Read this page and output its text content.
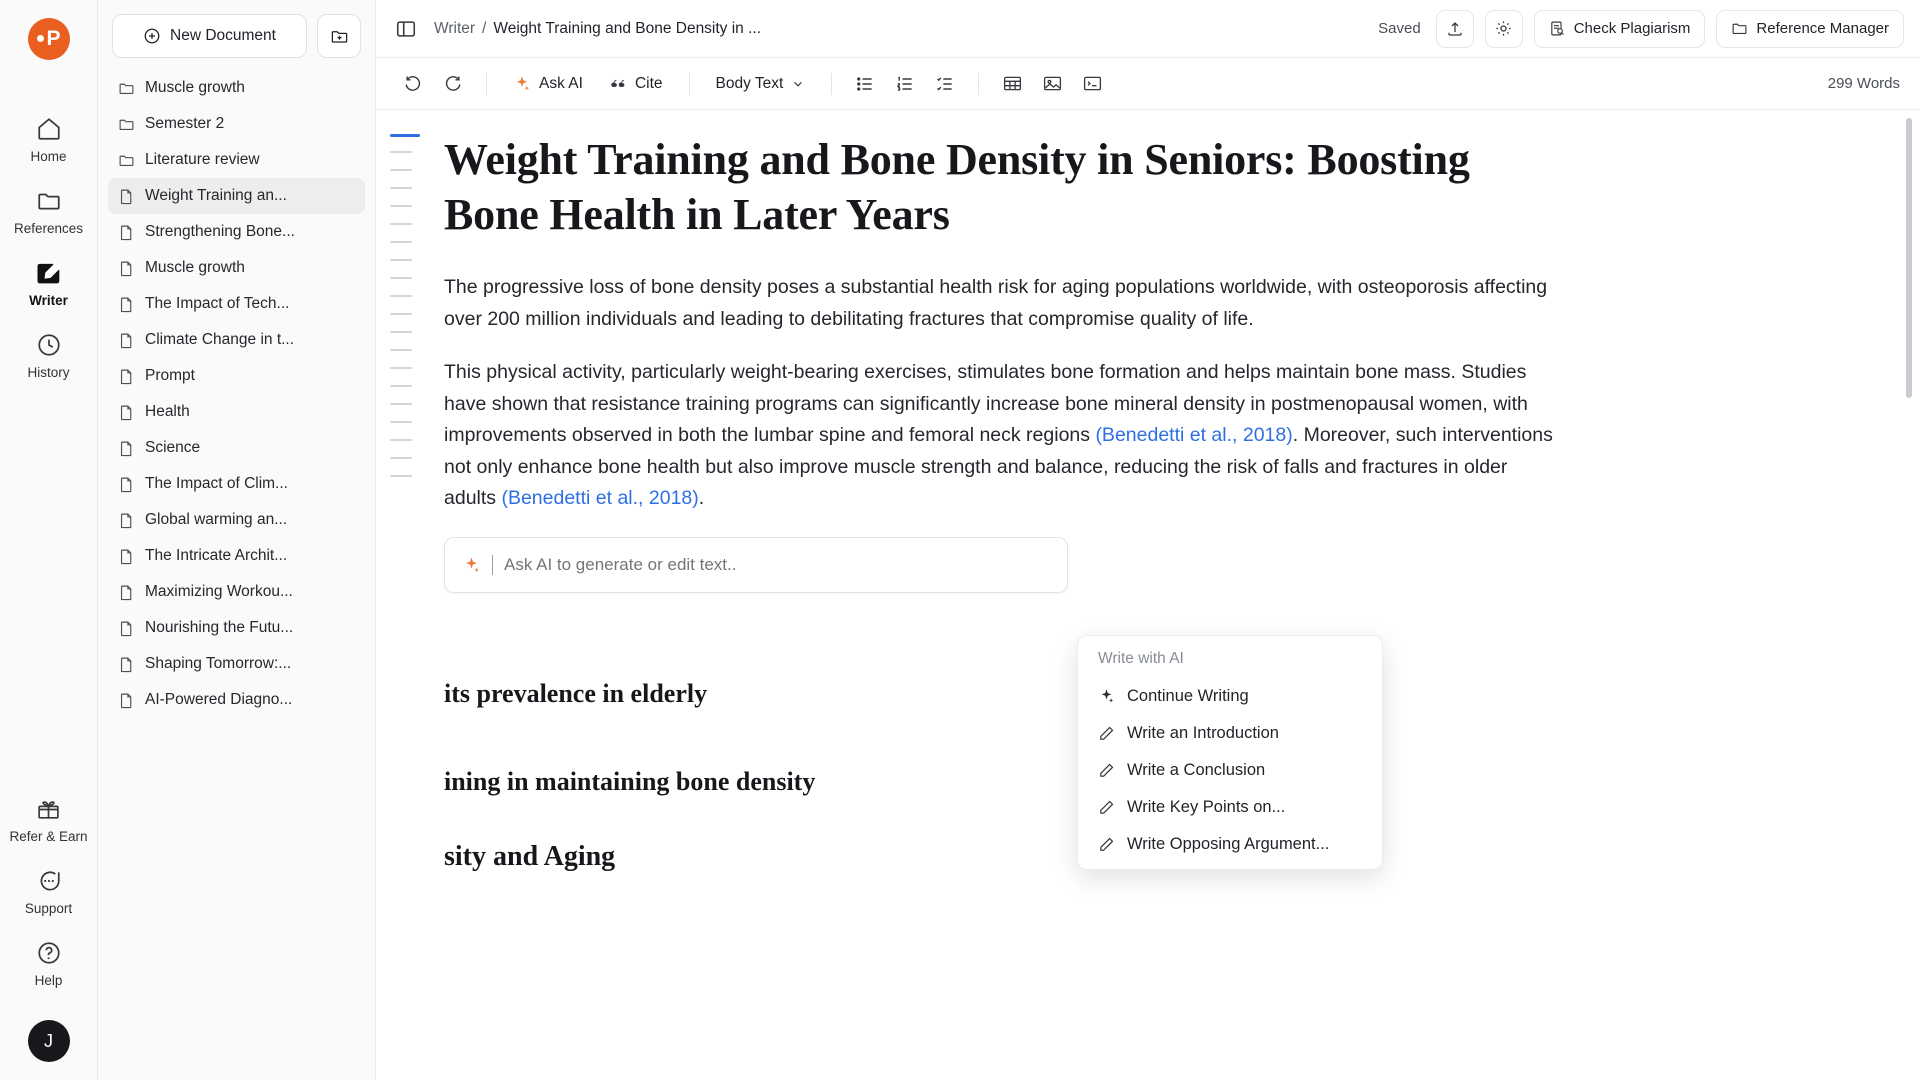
P
Home
References
Writer
History
Refer & Earn
Support
Help
J
New Document
Muscle growth
Semester 2
Literature review
Weight Training an...
Strengthening Bone...
Muscle growth
The Impact of Tech...
Climate Change in t...
Prompt
Health
Science
The Impact of Clim...
Global warming an...
The Intricate Archit...
Maximizing Workou...
Nourishing the Futu...
Shaping Tomorrow:...
AI-Powered Diagno...
Writer / Weight Training and Bone Density in ...	Saved	Check Plagiarism	Reference Manager
Ask AI	Cite	Body Text	299 Words
Weight Training and Bone Density in Seniors: Boosting Bone Health in Later Years

The progressive loss of bone density poses a substantial health risk for aging populations worldwide, with osteoporosis affecting over 200 million individuals and leading to debilitating fractures that compromise quality of life.

This physical activity, particularly weight-bearing exercises, stimulates bone formation and helps maintain bone mass. Studies have shown that resistance training programs can significantly increase bone mineral density in postmenopausal women, with improvements observed in both the lumbar spine and femoral neck regions (Benedetti et al., 2018). Moreover, such interventions not only enhance bone health but also improve muscle strength and balance, reducing the risk of falls and fractures in older adults (Benedetti et al., 2018).

Ask AI to generate or edit text..
its prevalence in elderly
ining in maintaining bone density
sity and Aging
Write with AI
Continue Writing
Write an Introduction
Write a Conclusion
Write Key Points on...
Write Opposing Argument...
